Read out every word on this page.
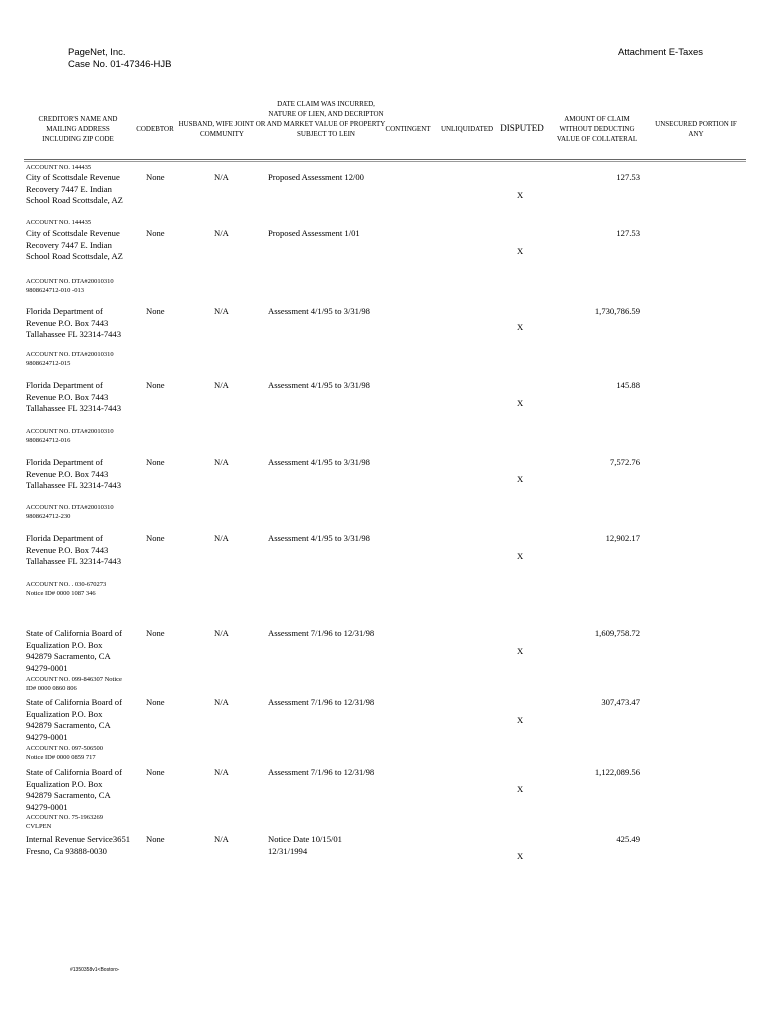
PageNet, Inc.
Case No. 01-47346-HJB
Attachment E-Taxes
CREDITOR'S NAME AND MAILING ADDRESS INCLUDING ZIP CODE
CODEBTOR
HUSBAND, WIFE JOINT OR COMMUNITY
DATE CLAIM WAS INCURRED, NATURE OF LIEN, AND DECRIPTON AND MARKET VALUE OF PROPERTY SUBJECT TO LEIN
CONTINGENT	UNLIQUIDATED DISPUTED
AMOUNT OF CLAIM WITHOUT DEDUCTING VALUE OF COLLATERAL
UNSECURED PORTION IF ANY
ACCOUNT NO. 144435
City of Scottsdale Revenue
Recovery 7447 E. Indian
School Road Scottsdale, AZ
None	N/A	Proposed Assessment 12/00
X
127.53
ACCOUNT NO. 144435
City of Scottsdale Revenue
Recovery 7447 E. Indian
School Road Scottsdale, AZ
None	N/A	Proposed Assessment 1/01
X
127.53
ACCOUNT NO. DTA#20010310
9808624712-010 -013
Florida Department of
Revenue P.O. Box 7443
Tallahassee FL 32314-7443
None	N/A	Assessment 4/1/95 to 3/31/98
X
1,730,786.59
ACCOUNT NO. DTA#20010310
9808624712-015
Florida Department of
Revenue P.O. Box 7443
Tallahassee FL 32314-7443
None	N/A	Assessment 4/1/95 to 3/31/98
X
145.88
ACCOUNT NO. DTA#20010310
9808624712-016
Florida Department of
Revenue P.O. Box 7443
Tallahassee FL 32314-7443
None	N/A	Assessment 4/1/95 to 3/31/98
X
7,572.76
ACCOUNT NO. DTA#20010310
9808624712-230
Florida Department of
Revenue P.O. Box 7443
Tallahassee FL 32314-7443
None	N/A	Assessment 4/1/95 to 3/31/98
X
12,902.17
ACCOUNT NO. . 030-670273
Notice ID# 0000 1087 346
State of California Board of
Equalization P.O. Box
942879 Sacramento, CA
94279-0001
None	N/A	Assessment 7/1/96 to 12/31/98
X
1,609,758.72
ACCOUNT NO. 099-846307 Notice
ID# 0000 0860 806
State of California Board of
Equalization P.O. Box
942879 Sacramento, CA
94279-0001
None	N/A	Assessment 7/1/96 to 12/31/98
X
307,473.47
ACCOUNT NO. 097-506500
Notice ID# 0000 0859 717
State of California Board of
Equalization P.O. Box
942879 Sacramento, CA
94279-0001
None	N/A	Assessment 7/1/96 to 12/31/98
X
1,122,089.56
ACCOUNT NO. 75-1963269
CVLPEN
Internal Revenue Service3651
Fresno, Ca 93888-0030
None	N/A	Notice Date 10/15/01
12/31/1994
X
425.49
#1350358v1<Bostoro-
